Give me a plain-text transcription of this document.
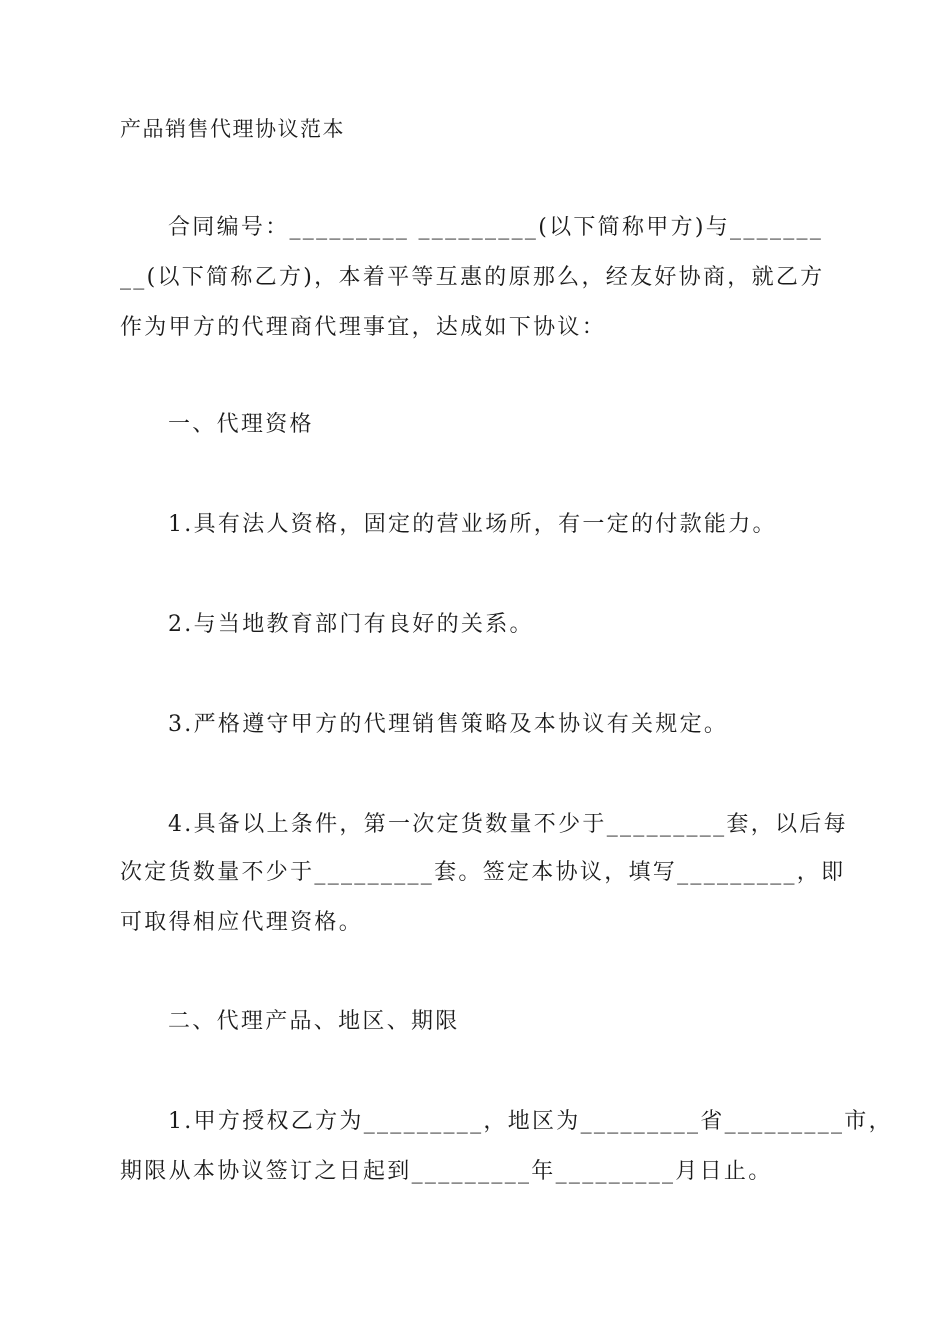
产品销售代理协议范本
合同编号：_________ _________(以下简称甲方)与_______
__(以下简称乙方)，本着平等互惠的原那么，经友好协商，就乙方
作为甲方的代理商代理事宜，达成如下协议：
一、代理资格
1.具有法人资格，固定的营业场所，有一定的付款能力。
2.与当地教育部门有良好的关系。
3.严格遵守甲方的代理销售策略及本协议有关规定。
4.具备以上条件，第一次定货数量不少于_________套，以后每
次定货数量不少于_________套。签定本协议，填写_________，即
可取得相应代理资格。
二、代理产品、地区、期限
1.甲方授权乙方为_________，地区为_________省_________市，
期限从本协议签订之日起到_________年_________月日止。
